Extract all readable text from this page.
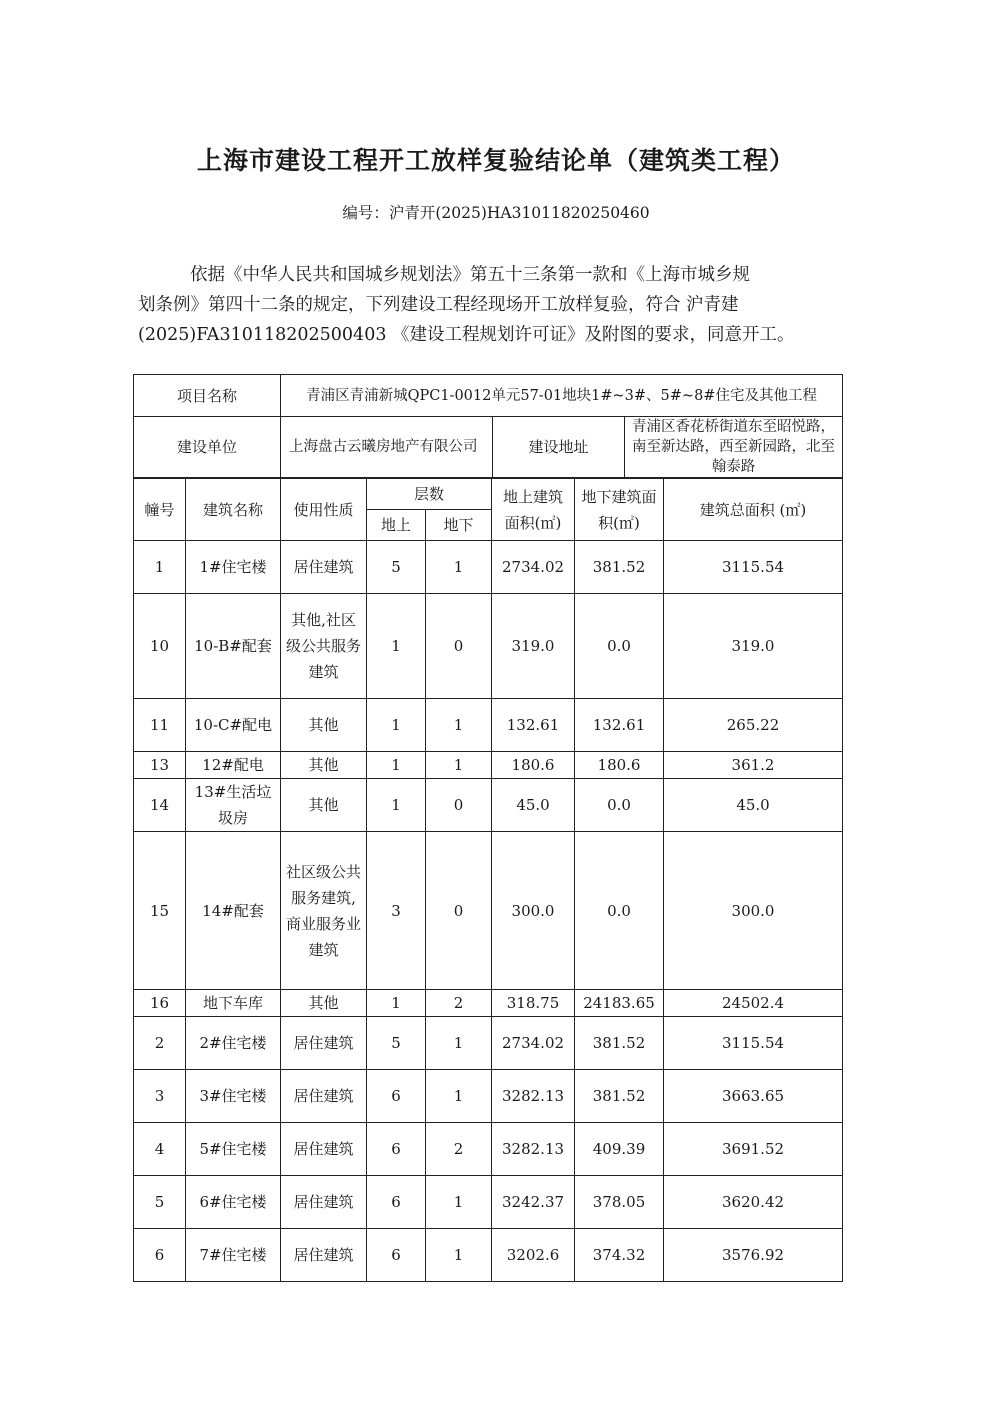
上海市建设工程开工放样复验结论单（建筑类工程）
编号：沪青开(2025)HA31011820250460
依据《中华人民共和国城乡规划法》第五十三条第一款和《上海市城乡规
划条例》第四十二条的规定，下列建设工程经现场开工放样复验，符合 沪青建
(2025)FA310118202500403 《建设工程规划许可证》及附图的要求，同意开工。
项目名称	青浦区青浦新城QPC1-0012单元57-01地块1#~3#、5#~8#住宅及其他工程		
建设单位	上海盘古云曦房地产有限公司	建设地址	青浦区香花桥街道东至昭悦路，南至新达路，西至新园路，北至翰泰路
幢号	建筑名称	使用性质	层数		地上建筑面积(㎡)	地下建筑面积(㎡)	建筑总面积 (㎡)
			地上	地下			
1	1#住宅楼	居住建筑	5	1	2734.02	381.52	3115.54
10	10-B#配套	其他,社区级公共服务建筑	1	0	319.0	0.0	319.0
11	10-C#配电	其他	1	1	132.61	132.61	265.22
13	12#配电	其他	1	1	180.6	180.6	361.2
14	13#生活垃圾房	其他	1	0	45.0	0.0	45.0
15	14#配套	社区级公共服务建筑,商业服务业建筑	3	0	300.0	0.0	300.0
16	地下车库	其他	1	2	318.75	24183.65	24502.4
2	2#住宅楼	居住建筑	5	1	2734.02	381.52	3115.54
3	3#住宅楼	居住建筑	6	1	3282.13	381.52	3663.65
4	5#住宅楼	居住建筑	6	2	3282.13	409.39	3691.52
5	6#住宅楼	居住建筑	6	1	3242.37	378.05	3620.42
6	7#住宅楼	居住建筑	6	1	3202.6	374.32	3576.92
